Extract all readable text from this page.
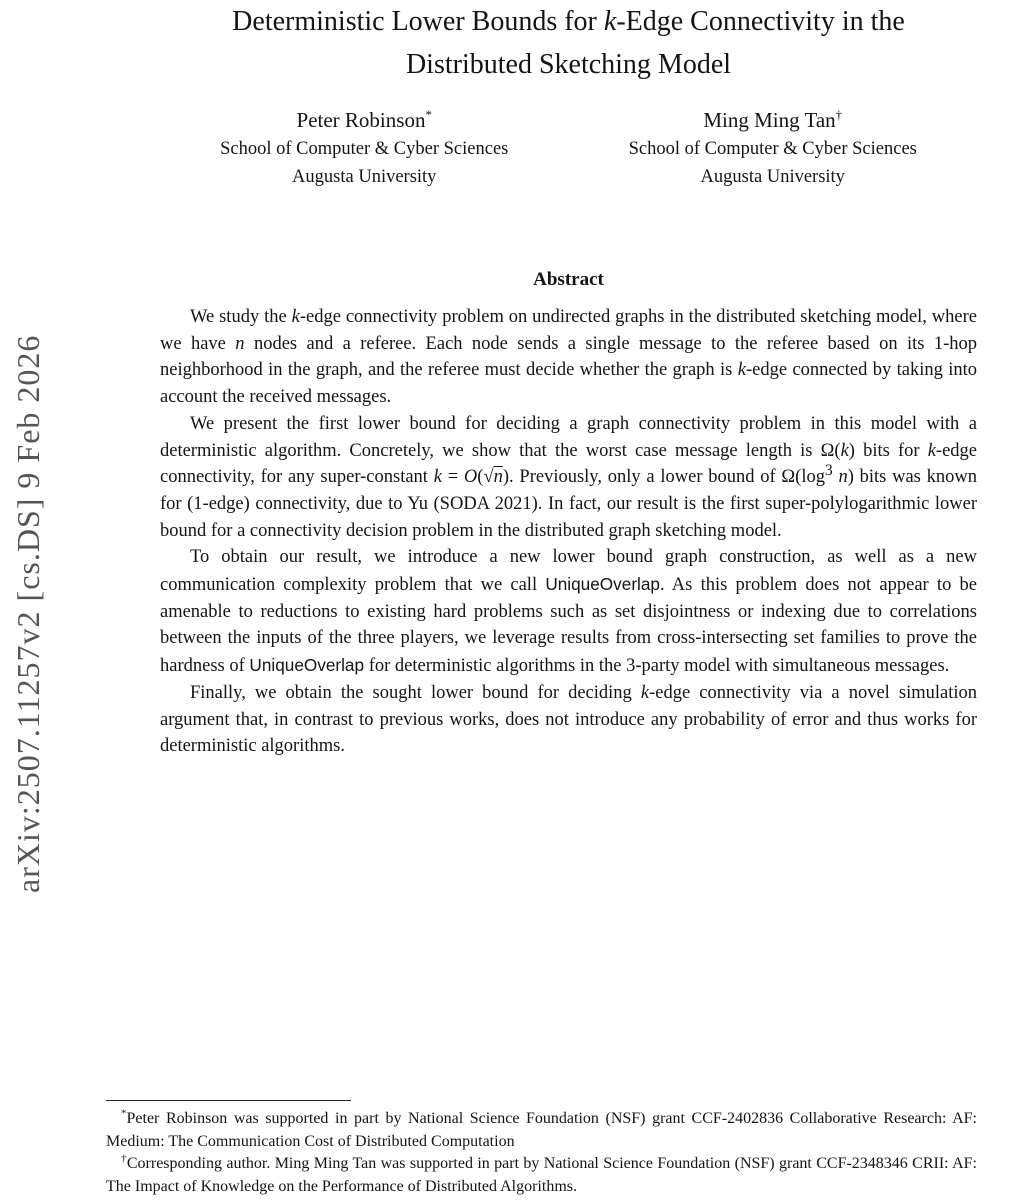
arXiv:2507.11257v2 [cs.DS] 9 Feb 2026
Deterministic Lower Bounds for k-Edge Connectivity in the
Distributed Sketching Model
Peter Robinson*
School of Computer & Cyber Sciences
Augusta University
Ming Ming Tan†
School of Computer & Cyber Sciences
Augusta University
Abstract

We study the k-edge connectivity problem on undirected graphs in the distributed sketching model, where we have n nodes and a referee. Each node sends a single message to the referee based on its 1-hop neighborhood in the graph, and the referee must decide whether the graph is k-edge connected by taking into account the received messages.

We present the first lower bound for deciding a graph connectivity problem in this model with a deterministic algorithm. Concretely, we show that the worst case message length is Ω(k) bits for k-edge connectivity, for any super-constant k = O(√n). Previously, only a lower bound of $\Omega(\log^3$ n) bits was known for (1-edge) connectivity, due to Yu (SODA 2021). In fact, our result is the first super-polylogarithmic lower bound for a connectivity decision problem in the distributed graph sketching model.

To obtain our result, we introduce a new lower bound graph construction, as well as a new communication complexity problem that we call UniqueOverlap. As this problem does not appear to be amenable to reductions to existing hard problems such as set disjointness or indexing due to correlations between the inputs of the three players, we leverage results from cross-intersecting set families to prove the hardness of UniqueOverlap for deterministic algorithms in the 3-party model with simultaneous messages.

Finally, we obtain the sought lower bound for deciding k-edge connectivity via a novel simulation argument that, in contrast to previous works, does not introduce any probability of error and thus works for deterministic algorithms.

*Peter Robinson was supported in part by National Science Foundation (NSF) grant CCF-2402836 Collaborative Research: AF: Medium: The Communication Cost of Distributed Computation

†Corresponding author. Ming Ming Tan was supported in part by National Science Foundation (NSF) grant CCF-2348346 CRII: AF: The Impact of Knowledge on the Performance of Distributed Algorithms.
